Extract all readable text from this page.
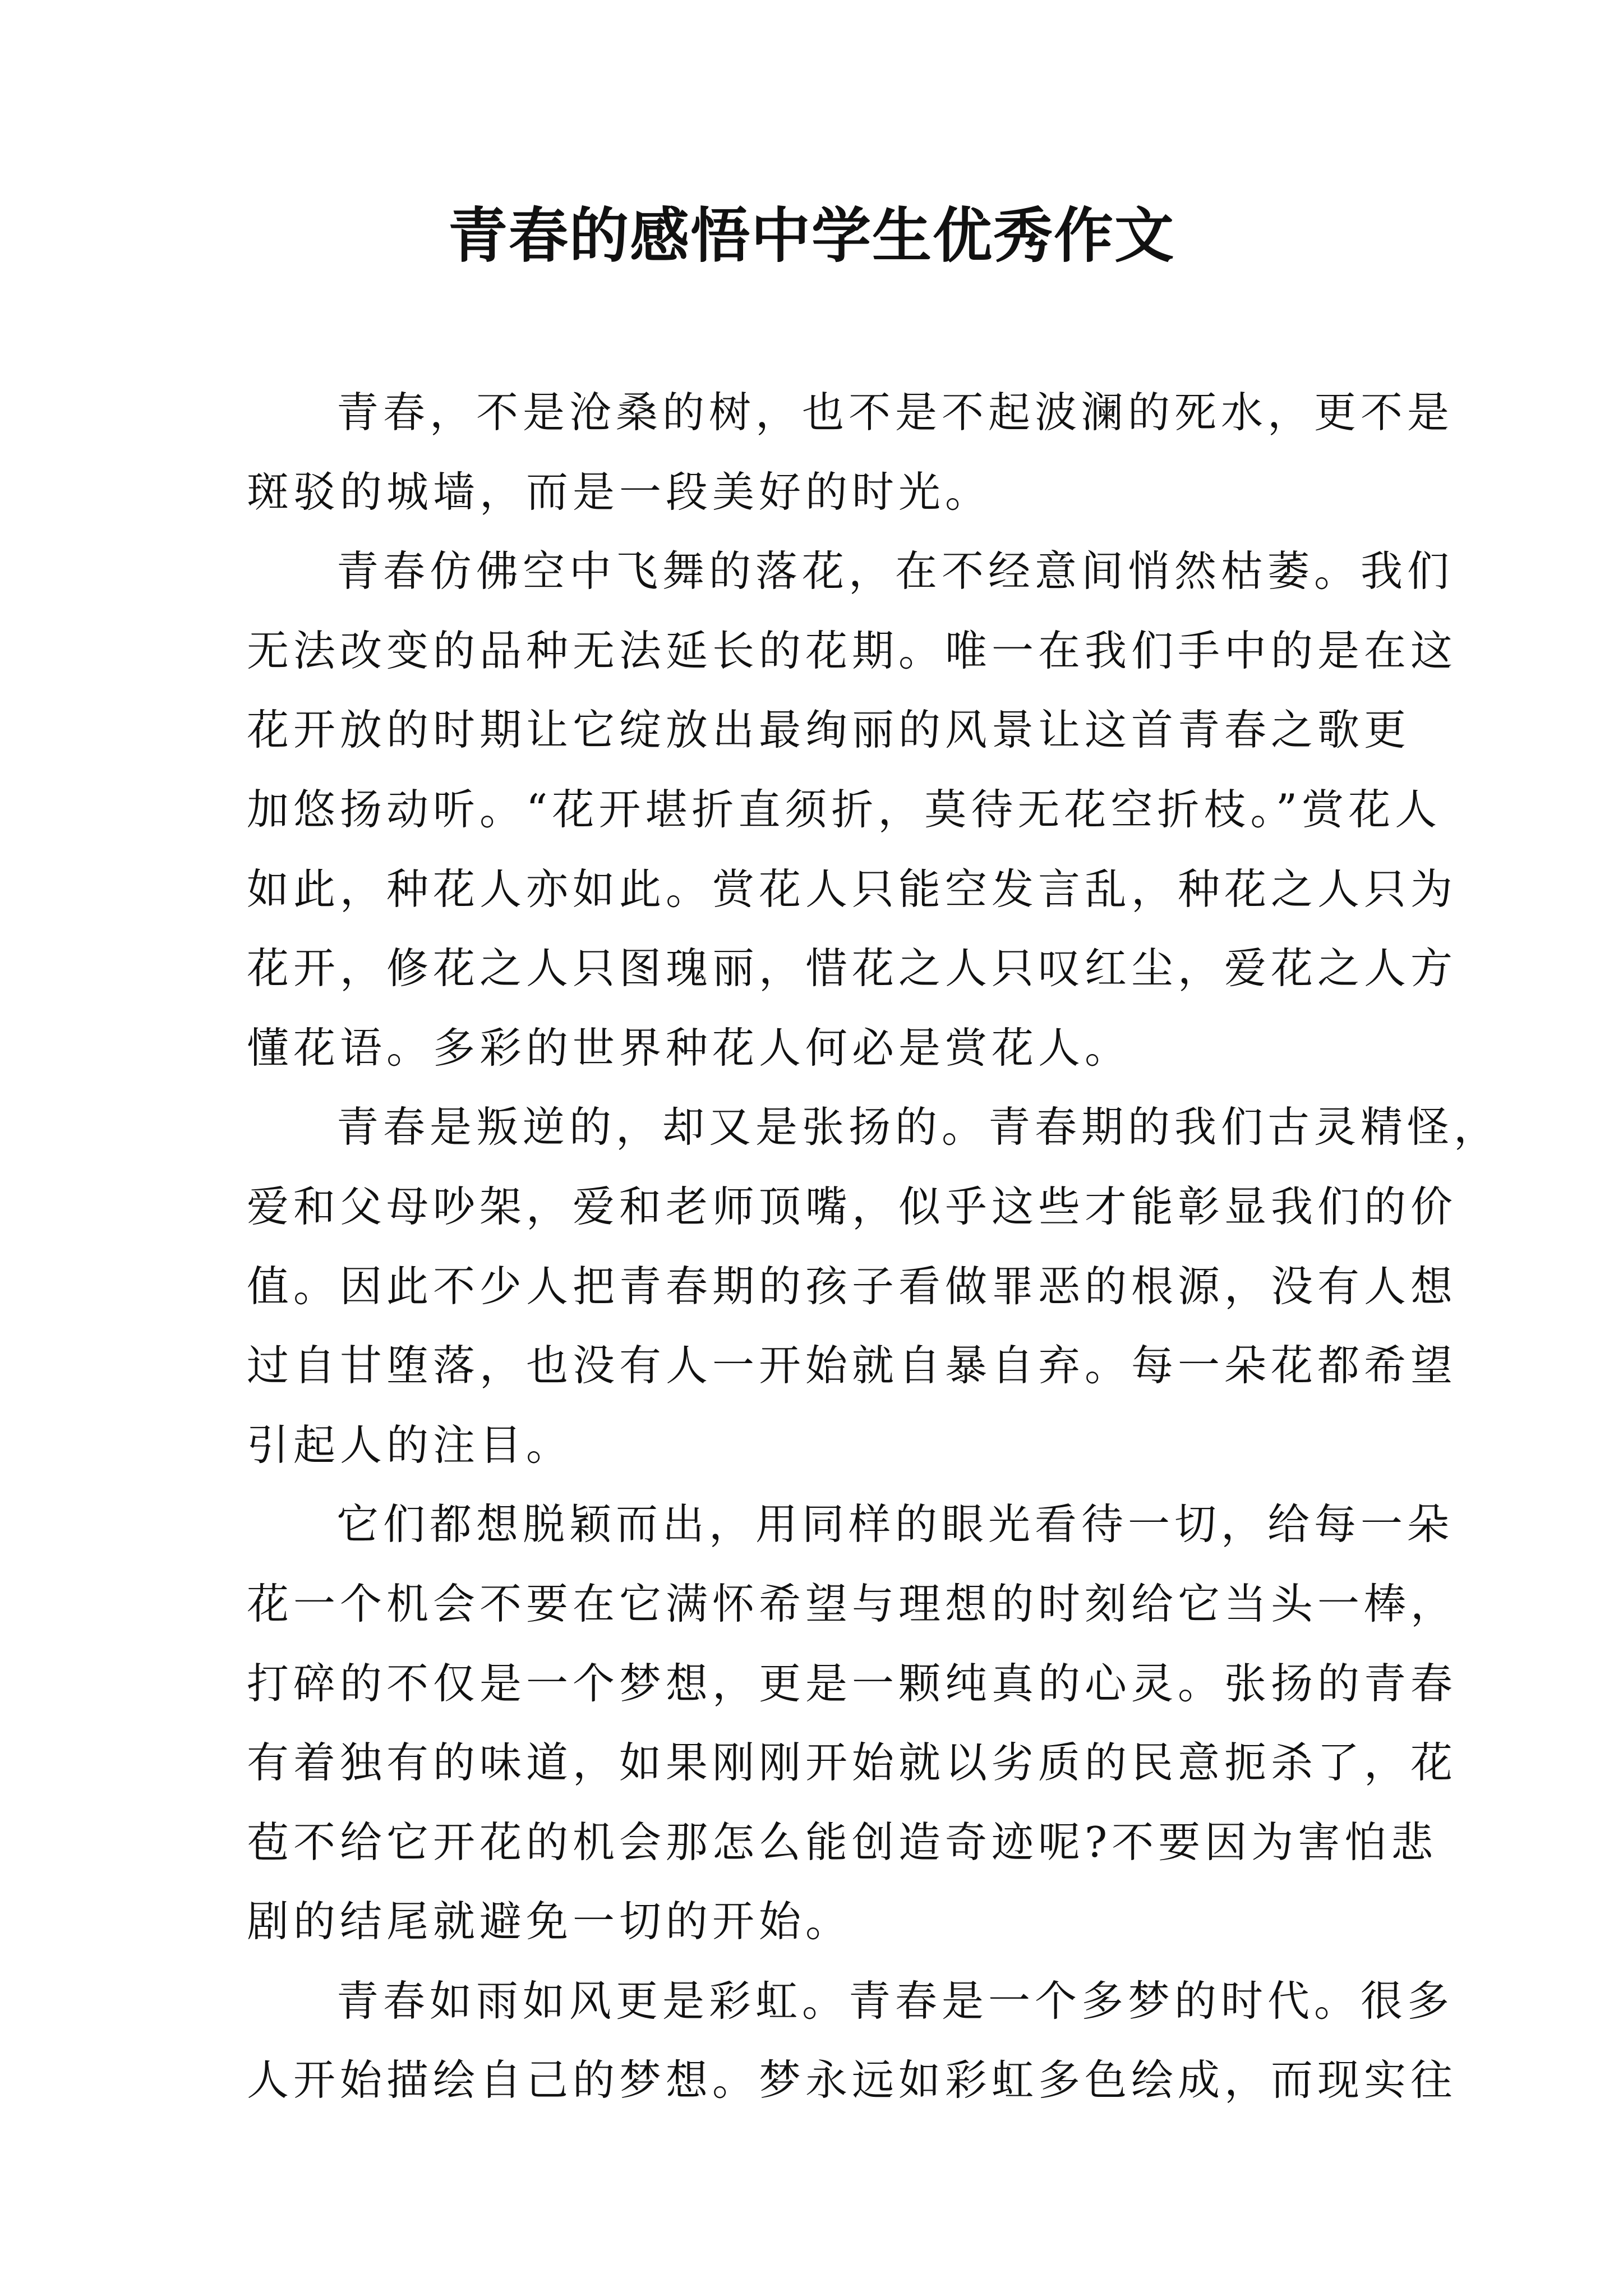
青春的感悟中学生优秀作文
青春，不是沧桑的树，也不是不起波澜的死水，更不是
斑驳的城墙，而是一段美好的时光。
青春仿佛空中飞舞的落花，在不经意间悄然枯萎。我们
无法改变的品种无法延长的花期。唯一在我们手中的是在这
花开放的时期让它绽放出最绚丽的风景让这首青春之歌更
加悠扬动听。“花开堪折直须折，莫待无花空折枝。”赏花人
如此，种花人亦如此。赏花人只能空发言乱，种花之人只为
花开，修花之人只图瑰丽，惜花之人只叹红尘，爱花之人方
懂花语。多彩的世界种花人何必是赏花人。
青春是叛逆的，却又是张扬的。青春期的我们古灵精怪，
爱和父母吵架，爱和老师顶嘴，似乎这些才能彰显我们的价
值。因此不少人把青春期的孩子看做罪恶的根源，没有人想
过自甘堕落，也没有人一开始就自暴自弃。每一朵花都希望
引起人的注目。
它们都想脱颖而出，用同样的眼光看待一切，给每一朵
花一个机会不要在它满怀希望与理想的时刻给它当头一棒，
打碎的不仅是一个梦想，更是一颗纯真的心灵。张扬的青春
有着独有的味道，如果刚刚开始就以劣质的民意扼杀了，花
苞不给它开花的机会那怎么能创造奇迹呢?不要因为害怕悲
剧的结尾就避免一切的开始。
青春如雨如风更是彩虹。青春是一个多梦的时代。很多
人开始描绘自己的梦想。梦永远如彩虹多色绘成，而现实往
